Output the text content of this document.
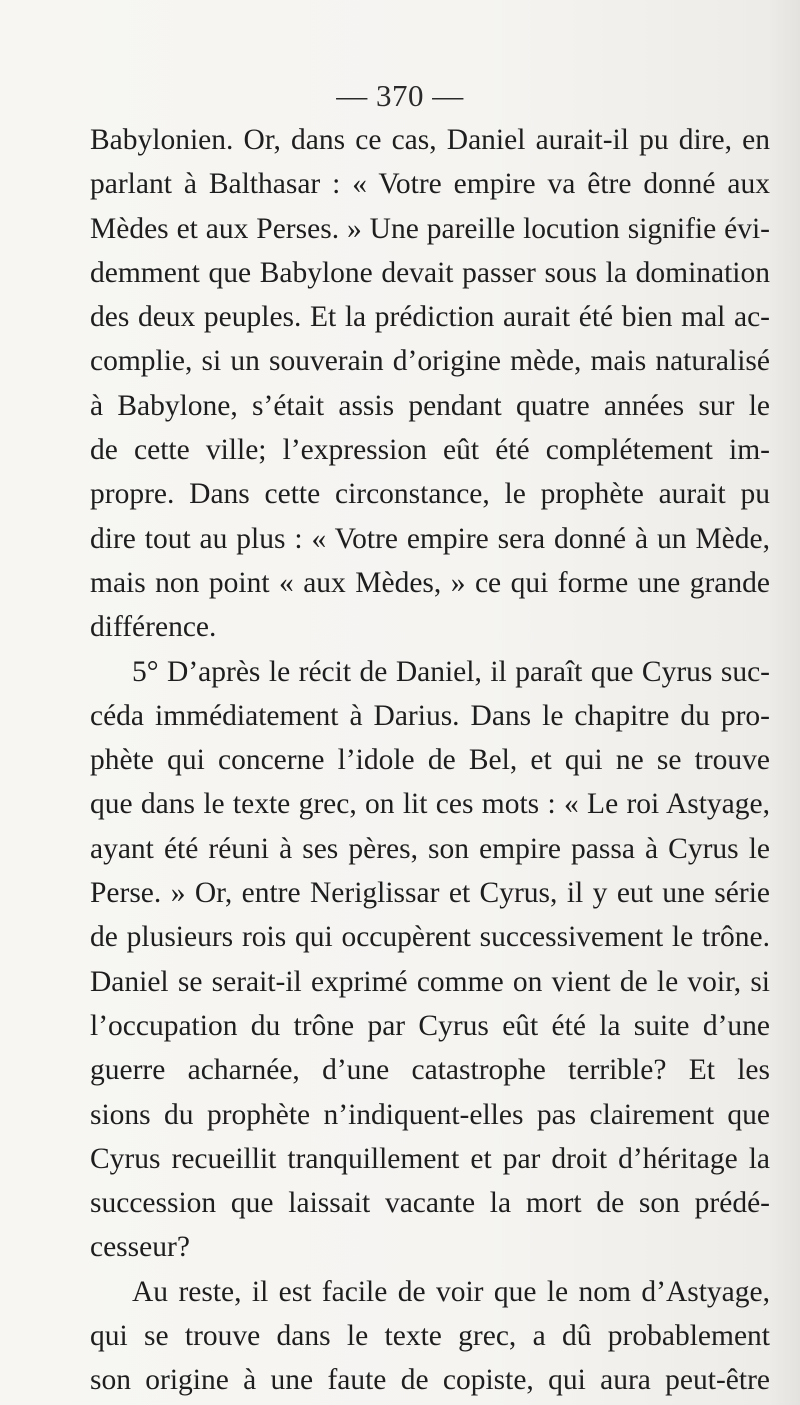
— 370 —
Babylonien. Or, dans ce cas, Daniel aurait-il pu dire, en
parlant à Balthasar : « Votre empire va être donné aux
Mèdes et aux Perses. » Une pareille locution signifie évi-
demment que Babylone devait passer sous la domination
des deux peuples. Et la prédiction aurait été bien mal ac-
complie, si un souverain d’origine mède, mais naturalisé
à Babylone, s’était assis pendant quatre années sur le
de cette ville; l’expression eût été complétement im-
propre. Dans cette circonstance, le prophète aurait pu
dire tout au plus : « Votre empire sera donné à un Mède,
mais non point « aux Mèdes, » ce qui forme une grande
différence.
5° D’après le récit de Daniel, il paraît que Cyrus suc-
céda immédiatement à Darius. Dans le chapitre du pro-
phète qui concerne l’idole de Bel, et qui ne se trouve
que dans le texte grec, on lit ces mots : « Le roi Astyage,
ayant été réuni à ses pères, son empire passa à Cyrus le
Perse. » Or, entre Neriglissar et Cyrus, il y eut une série
de plusieurs rois qui occupèrent successivement le trône.
Daniel se serait-il exprimé comme on vient de le voir, si
l’occupation du trône par Cyrus eût été la suite d’une
guerre acharnée, d’une catastrophe terrible? Et les
sions du prophète n’indiquent-elles pas clairement que
Cyrus recueillit tranquillement et par droit d’héritage la
succession que laissait vacante la mort de son prédé-
cesseur?
Au reste, il est facile de voir que le nom d’Astyage,
qui se trouve dans le texte grec, a dû probablement
son origine à une faute de copiste, qui aura peut-être
